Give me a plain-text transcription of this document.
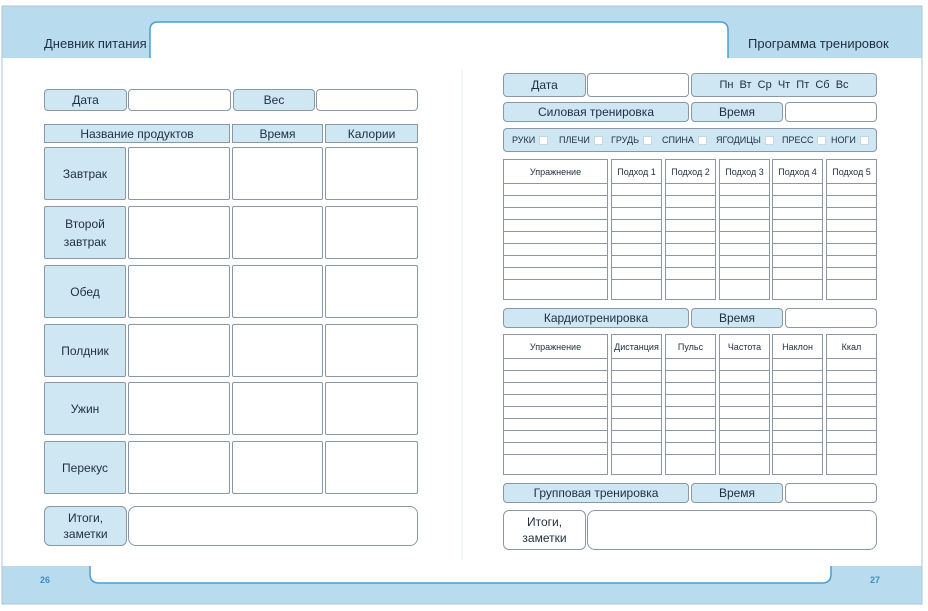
Дневник питания	Программа тренировок
26	27
Дата	Вес
Название продуктов	Время	Калории
Завтрак
Второй завтрак
Обед
Полдник
Ужин
Перекус
Итоги, заметки
Дата	Пн  Вт  Ср  Чт  Пт  Сб  Вс
Силовая тренировка	Время
РУКИ	ПЛЕЧИ ГРУДЬ	СПИНА ЯГОДИЦЫ ПРЕСС НОГИ
Упражнение	Подход 1	Подход 2	Подход 3	Подход 4	Подход 5
Кардиотренировка	Время
Упражнение	Дистанция	Пульс	Частота	Наклон	Ккал
Групповая тренировка	Время
Итоги, заметки
